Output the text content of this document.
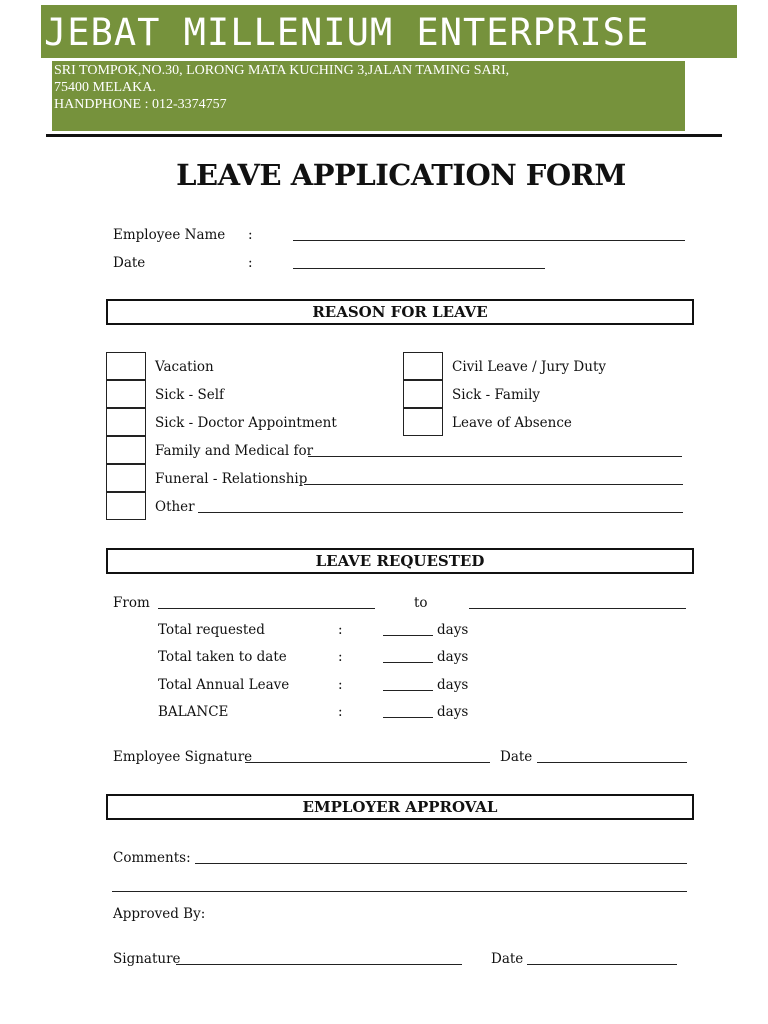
JEBAT MILLENIUM ENTERPRISE
SRI TOMPOK,NO.30, LORONG MATA KUCHING 3,JALAN TAMING SARI,
75400 MELAKA.
HANDPHONE : 012-3374757
LEAVE APPLICATION FORM
Employee Name :
Date	:
REASON FOR LEAVE
Vacation
Sick - Self
Sick - Doctor Appointment
Family and Medical for
Funeral - Relationship
Other
Civil Leave / Jury Duty
Sick - Family
Leave of Absence
LEAVE REQUESTED
From	to
Total requested	:	days
Total taken to date	:	days
Total Annual Leave	:	days
BALANCE	:	days
Employee Signature	Date
EMPLOYER APPROVAL
Comments:
Approved By:
Signature	Date
